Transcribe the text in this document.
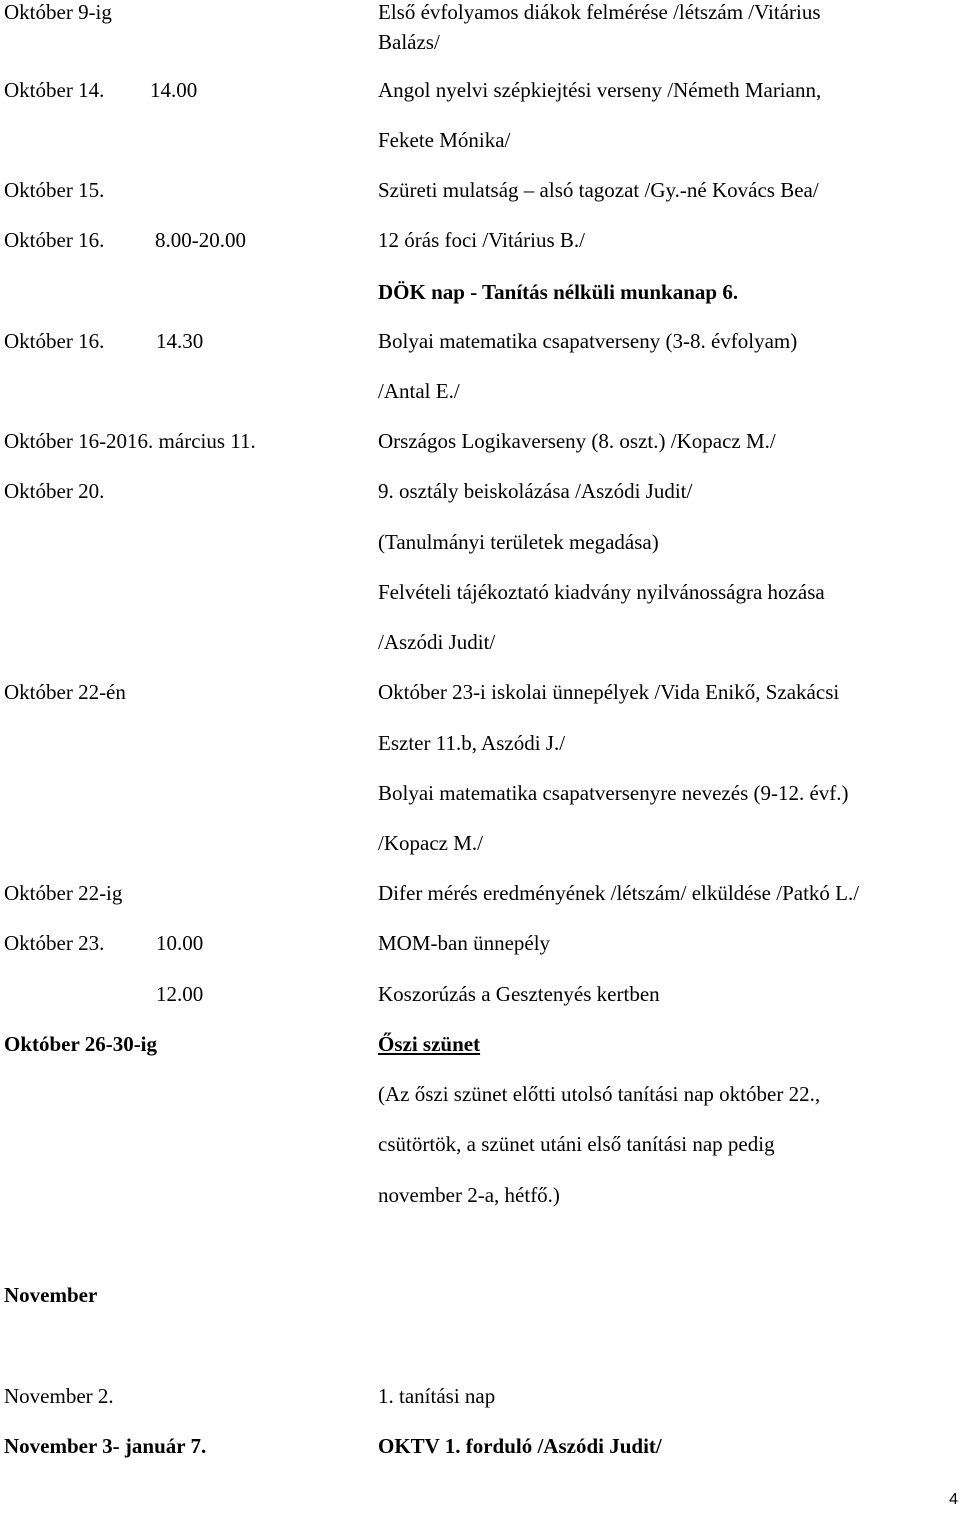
Október 9-ig	Első évfolyamos diákok felmérése /létszám /Vitárius
Balázs/
Október 14. 14.00	Angol nyelvi szépkiejtési verseny /Németh Mariann,
Fekete Mónika/
Október 15.	Szüreti mulatság – alsó tagozat /Gy.-né Kovács Bea/
Október 16. 8.00-20.00	12 órás foci /Vitárius B./
DÖK nap - Tanítás nélküli munkanap 6.
Október 16. 14.30	Bolyai matematika csapatverseny (3-8. évfolyam)
/Antal E./
Október 16-2016. március 11.	Országos Logikaverseny (8. oszt.) /Kopacz M./
Október 20.	9. osztály beiskolázása /Aszódi Judit/
(Tanulmányi területek megadása)
Felvételi tájékoztató kiadvány nyilvánosságra hozása
/Aszódi Judit/
Október 22-én	Október 23-i iskolai ünnepélyek /Vida Enikő, Szakácsi
Eszter 11.b, Aszódi J./
Bolyai matematika csapatversenyre nevezés (9-12. évf.)
/Kopacz M./
Október 22-ig	Difer mérés eredményének /létszám/ elküldése /Patkó L./
Október 23. 10.00	MOM-ban ünnepély
12.00	Koszorúzás a Gesztenyés kertben
Október 26-30-ig	Őszi szünet
(Az őszi szünet előtti utolsó tanítási nap október 22.,
csütörtök, a szünet utáni első tanítási nap pedig
november 2-a, hétfő.)
November
November 2.	1. tanítási nap
November 3- január 7.	OKTV 1. forduló /Aszódi Judit/
4
